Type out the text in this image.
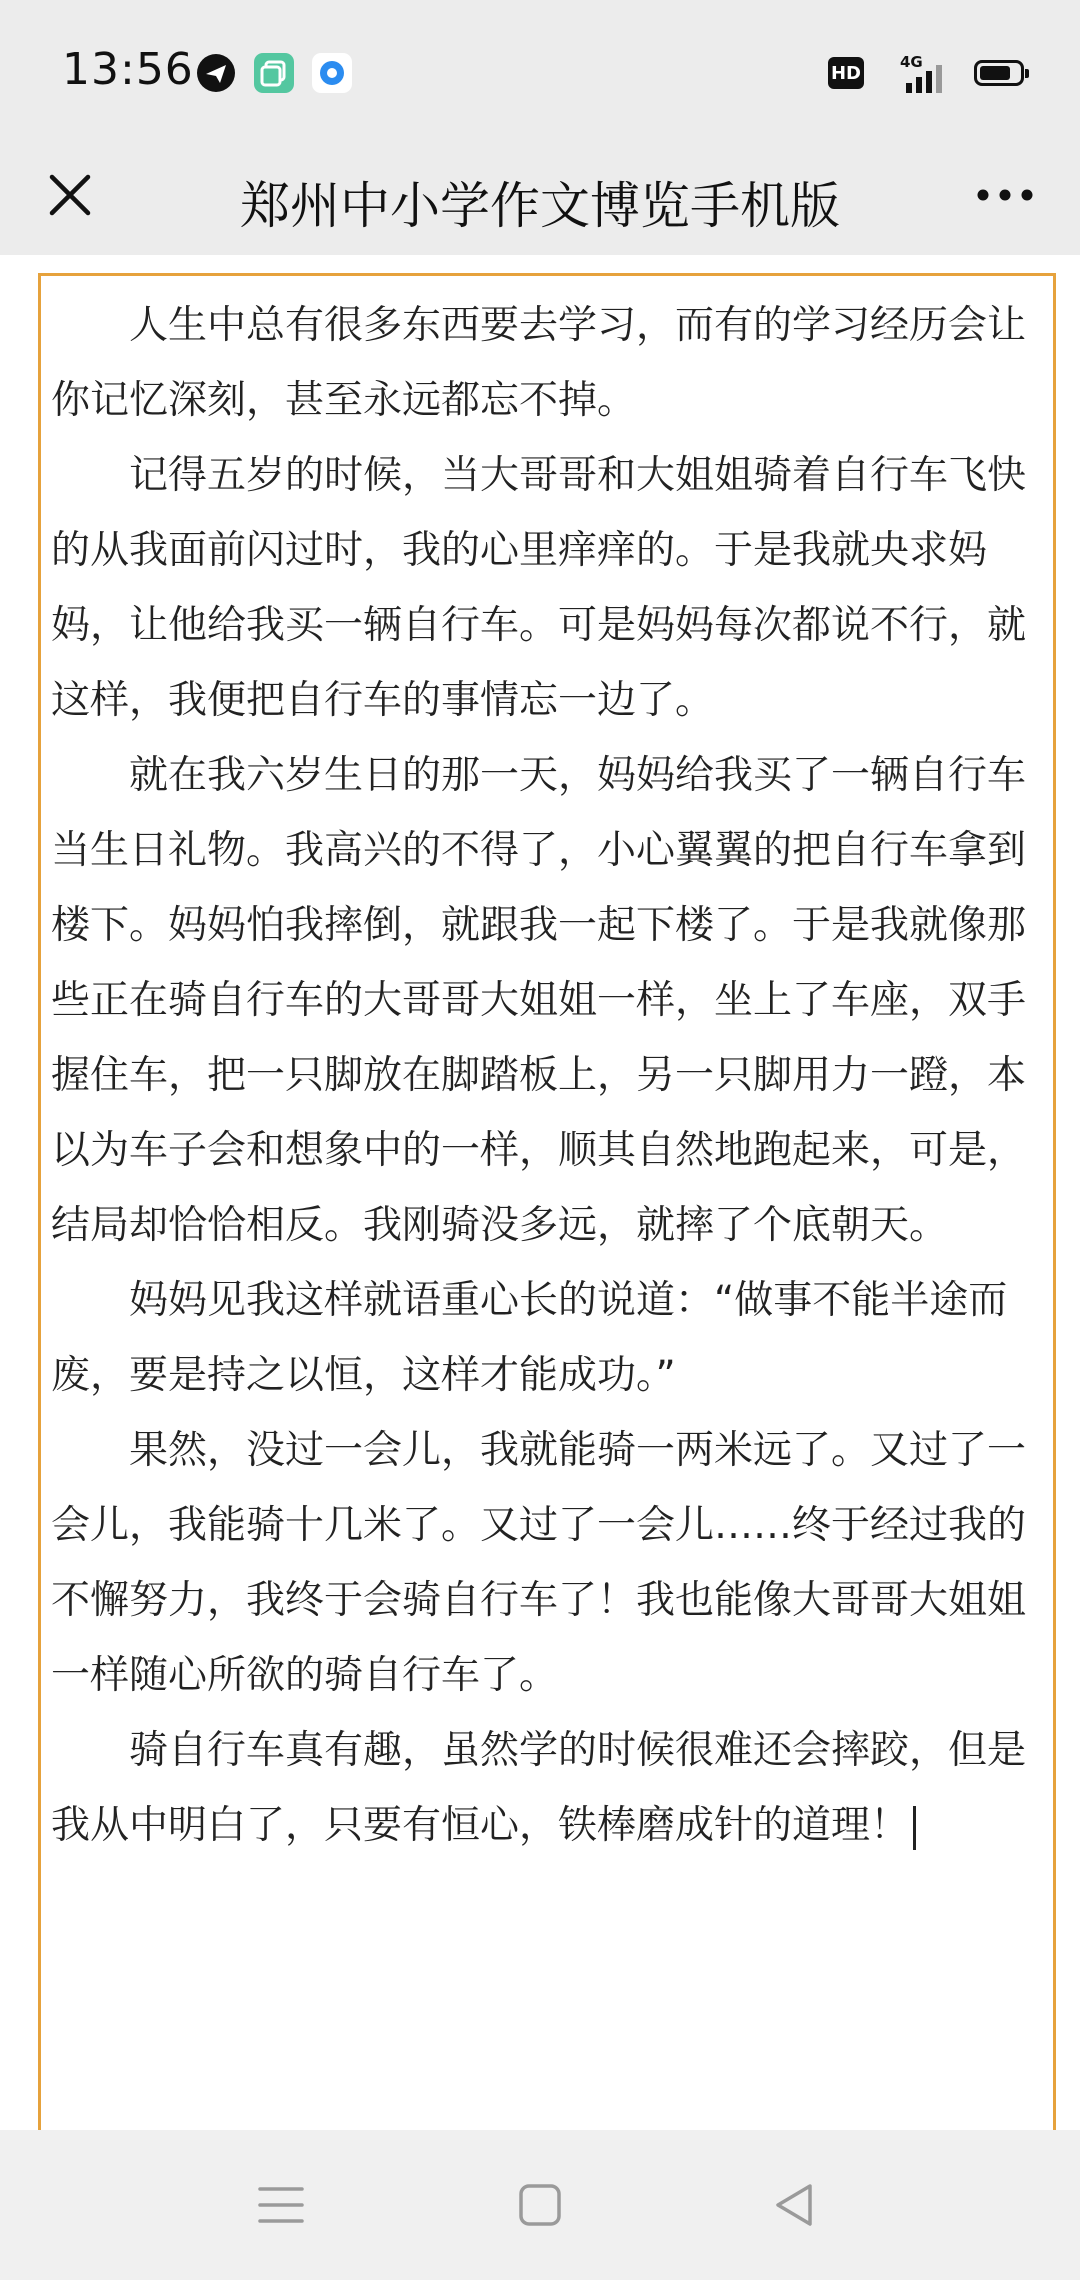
13:56	HD
4G
郑州中小学作文博览手机版

人生中总有很多东西要去学习，而有的学习经历会让你记忆深刻，甚至永远都忘不掉。

记得五岁的时候，当大哥哥和大姐姐骑着自行车飞快的从我面前闪过时，我的心里痒痒的。于是我就央求妈妈，让他给我买一辆自行车。可是妈妈每次都说不行，就这样，我便把自行车的事情忘一边了。

就在我六岁生日的那一天，妈妈给我买了一辆自行车当生日礼物。我高兴的不得了，小心翼翼的把自行车拿到楼下。妈妈怕我摔倒，就跟我一起下楼了。于是我就像那些正在骑自行车的大哥哥大姐姐一样，坐上了车座，双手握住车，把一只脚放在脚踏板上，另一只脚用力一蹬，本以为车子会和想象中的一样，顺其自然地跑起来，可是，结局却恰恰相反。我刚骑没多远，就摔了个底朝天。

妈妈见我这样就语重心长的说道：“做事不能半途而废，要是持之以恒，这样才能成功。”

果然，没过一会儿，我就能骑一两米远了。又过了一会儿，我能骑十几米了。又过了一会儿……终于经过我的不懈努力，我终于会骑自行车了！我也能像大哥哥大姐姐一样随心所欲的骑自行车了。

骑自行车真有趣，虽然学的时候很难还会摔跤，但是我从中明白了，只要有恒心，铁棒磨成针的道理！
